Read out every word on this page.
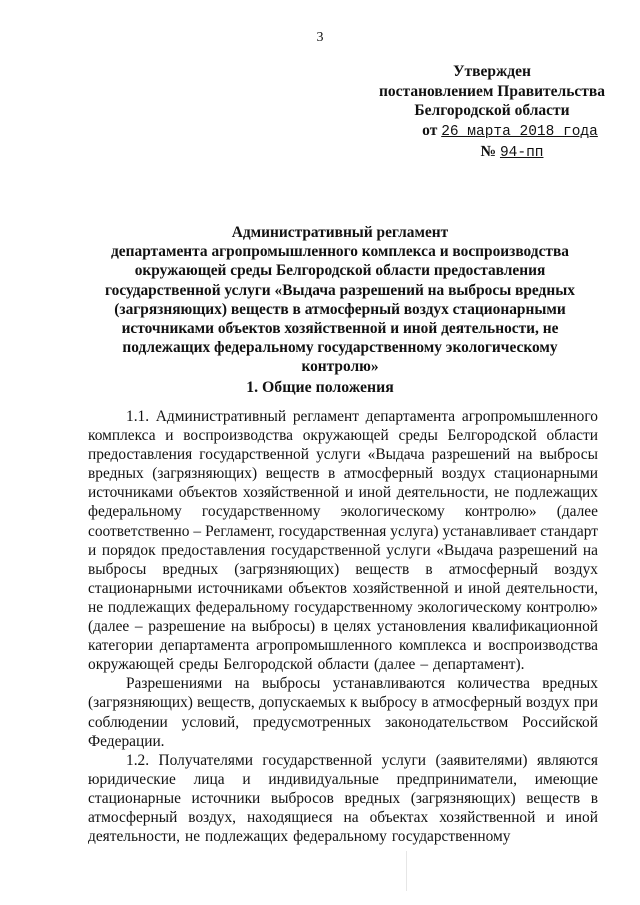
3
Утвержден
постановлением Правительства
Белгородской области
от 26 марта 2018 года
№ 94-пп
Административный регламент
департамента агропромышленного комплекса и воспроизводства
окружающей среды Белгородской области предоставления
государственной услуги «Выдача разрешений на выбросы вредных
(загрязняющих) веществ в атмосферный воздух стационарными
источниками объектов хозяйственной и иной деятельности, не
подлежащих федеральному государственному экологическому
контролю»
1. Общие положения
1.1. Административный регламент департамента агропромышленного
комплекса и воспроизводства окружающей среды Белгородской области
предоставления государственной услуги «Выдача разрешений на выбросы
вредных (загрязняющих) веществ в атмосферный воздух стационарными
источниками объектов хозяйственной и иной деятельности, не подлежащих
федеральному государственному экологическому контролю» (далее
соответственно – Регламент, государственная услуга) устанавливает стандарт
и порядок предоставления государственной услуги «Выдача разрешений на
выбросы вредных (загрязняющих) веществ в атмосферный воздух
стационарными источниками объектов хозяйственной и иной деятельности,
не подлежащих федеральному государственному экологическому контролю»
(далее – разрешение на выбросы) в целях установления квалификационной
категории департамента агропромышленного комплекса и воспроизводства
окружающей среды Белгородской области (далее – департамент).
Разрешениями на выбросы устанавливаются количества вредных
(загрязняющих) веществ, допускаемых к выбросу в атмосферный воздух при
соблюдении условий, предусмотренных законодательством Российской
Федерации.
1.2. Получателями государственной услуги (заявителями) являются
юридические лица и индивидуальные предприниматели, имеющие
стационарные источники выбросов вредных (загрязняющих) веществ в
атмосферный воздух, находящиеся на объектах хозяйственной и иной
деятельности, не подлежащих федеральному государственному
